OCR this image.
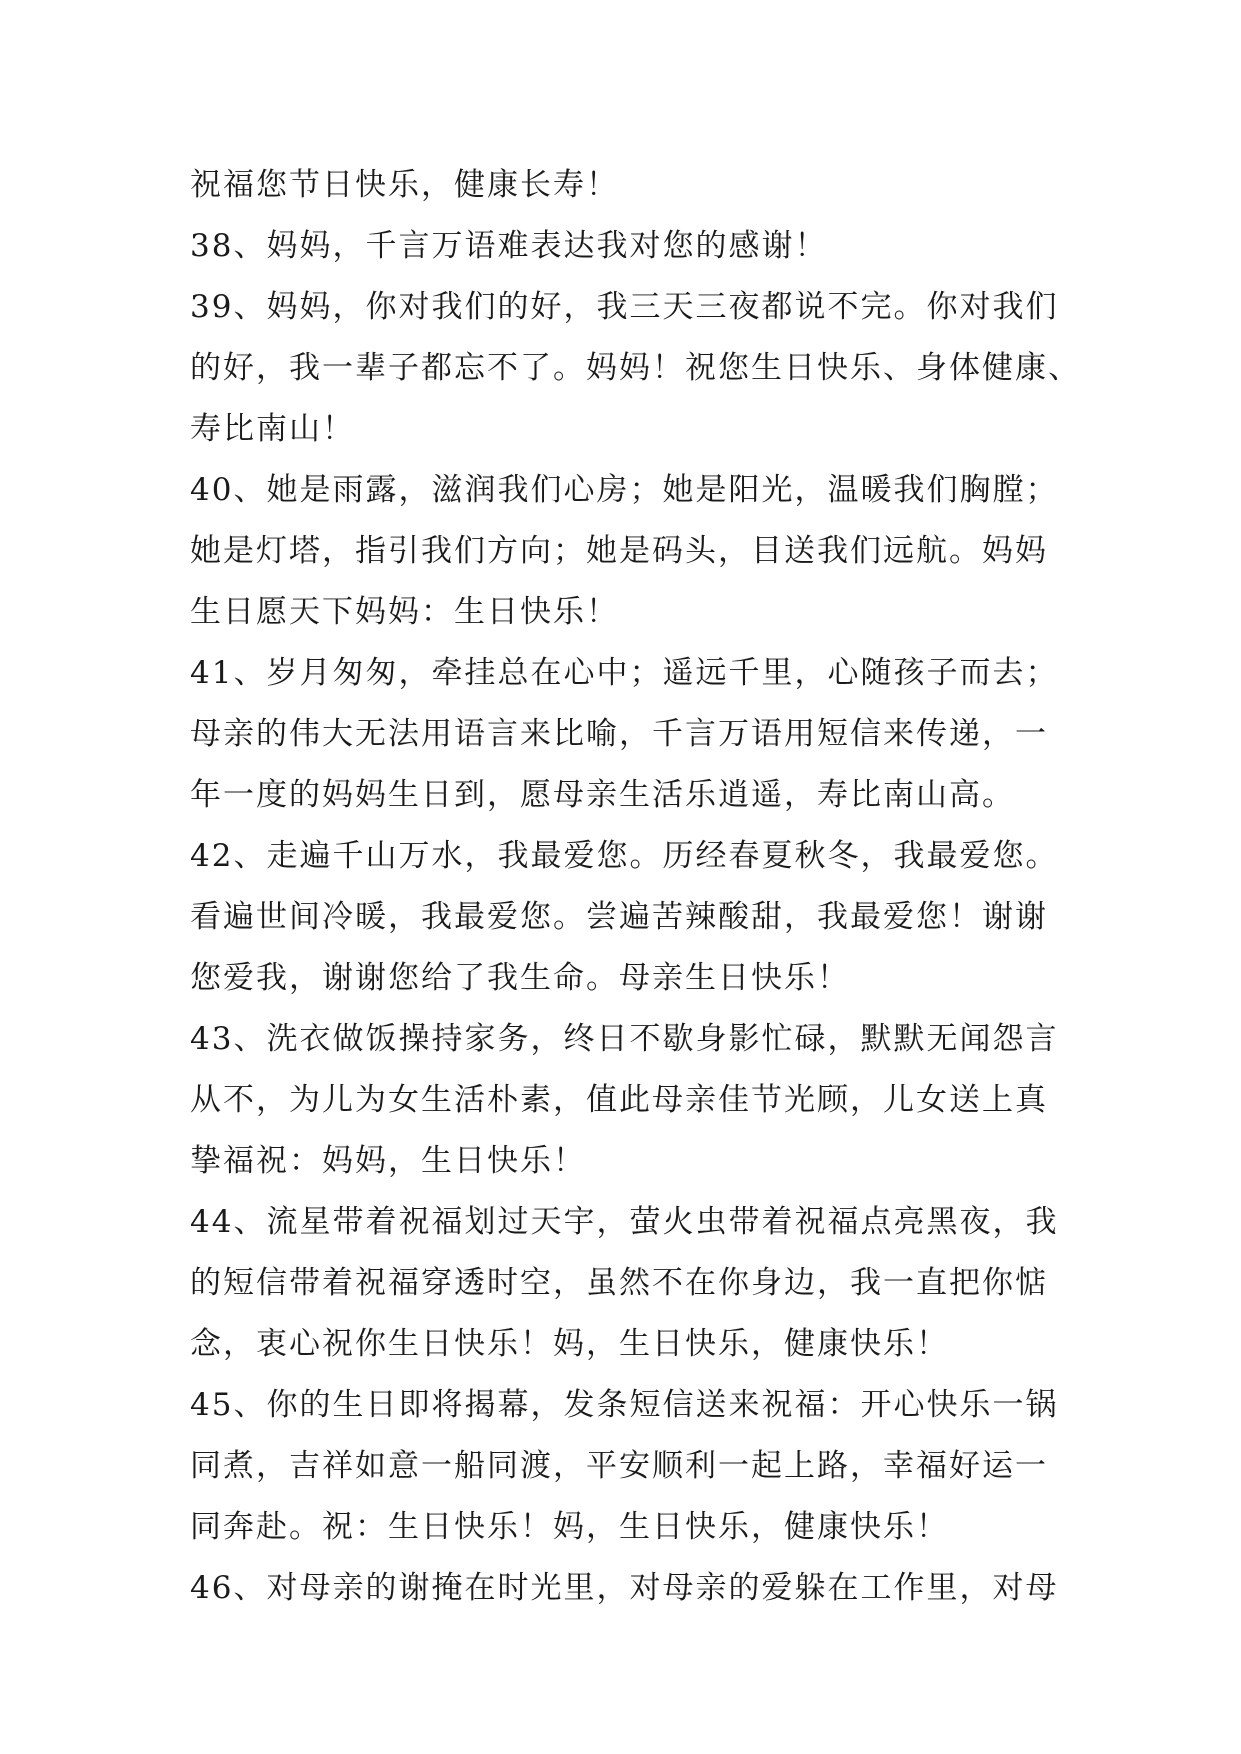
祝福您节日快乐，健康长寿！
38、妈妈，千言万语难表达我对您的感谢！
39、妈妈，你对我们的好，我三天三夜都说不完。你对我们
的好，我一辈子都忘不了。妈妈！祝您生日快乐、身体健康、
寿比南山！
40、她是雨露，滋润我们心房；她是阳光，温暖我们胸膛；
她是灯塔，指引我们方向；她是码头，目送我们远航。妈妈
生日愿天下妈妈：生日快乐！
41、岁月匆匆，牵挂总在心中；遥远千里，心随孩子而去；
母亲的伟大无法用语言来比喻，千言万语用短信来传递，一
年一度的妈妈生日到，愿母亲生活乐逍遥，寿比南山高。
42、走遍千山万水，我最爱您。历经春夏秋冬，我最爱您。
看遍世间冷暖，我最爱您。尝遍苦辣酸甜，我最爱您！谢谢
您爱我，谢谢您给了我生命。母亲生日快乐！
43、洗衣做饭操持家务，终日不歇身影忙碌，默默无闻怨言
从不，为儿为女生活朴素，值此母亲佳节光顾，儿女送上真
挚福祝：妈妈，生日快乐！
44、流星带着祝福划过天宇，萤火虫带着祝福点亮黑夜，我
的短信带着祝福穿透时空，虽然不在你身边，我一直把你惦
念，衷心祝你生日快乐！妈，生日快乐，健康快乐！
45、你的生日即将揭幕，发条短信送来祝福：开心快乐一锅
同煮，吉祥如意一船同渡，平安顺利一起上路，幸福好运一
同奔赴。祝：生日快乐！妈，生日快乐，健康快乐！
46、对母亲的谢掩在时光里，对母亲的爱躲在工作里，对母
